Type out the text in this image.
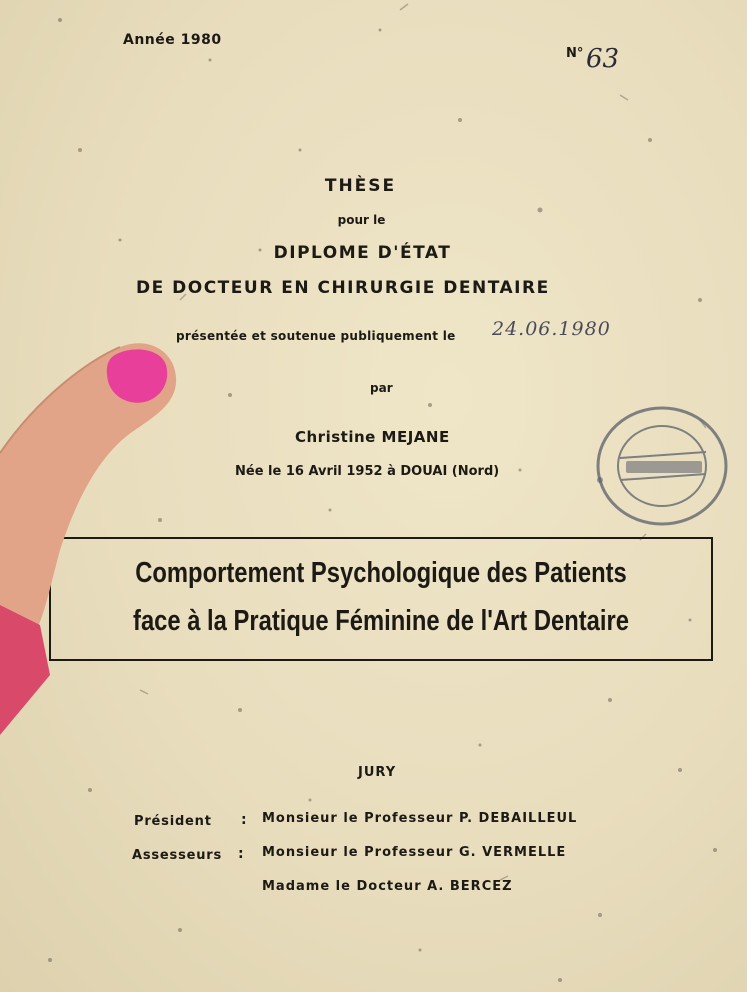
Année 1980
N° 63
THÈSE
pour le
DIPLOME D'ÉTAT
DE DOCTEUR EN CHIRURGIE DENTAIRE
présentée et soutenue publiquement le 24.06.1980
par
Christine MEJANE
Née le 16 Avril 1952 à DOUAI (Nord)
Comportement Psychologique des Patients
face à la Pratique Féminine de l'Art Dentaire
JURY
Président :
Assesseurs :
Monsieur le Professeur P. DEBAILLEUL
Monsieur le Professeur G. VERMELLE
Madame le Docteur A. BERCEZ
